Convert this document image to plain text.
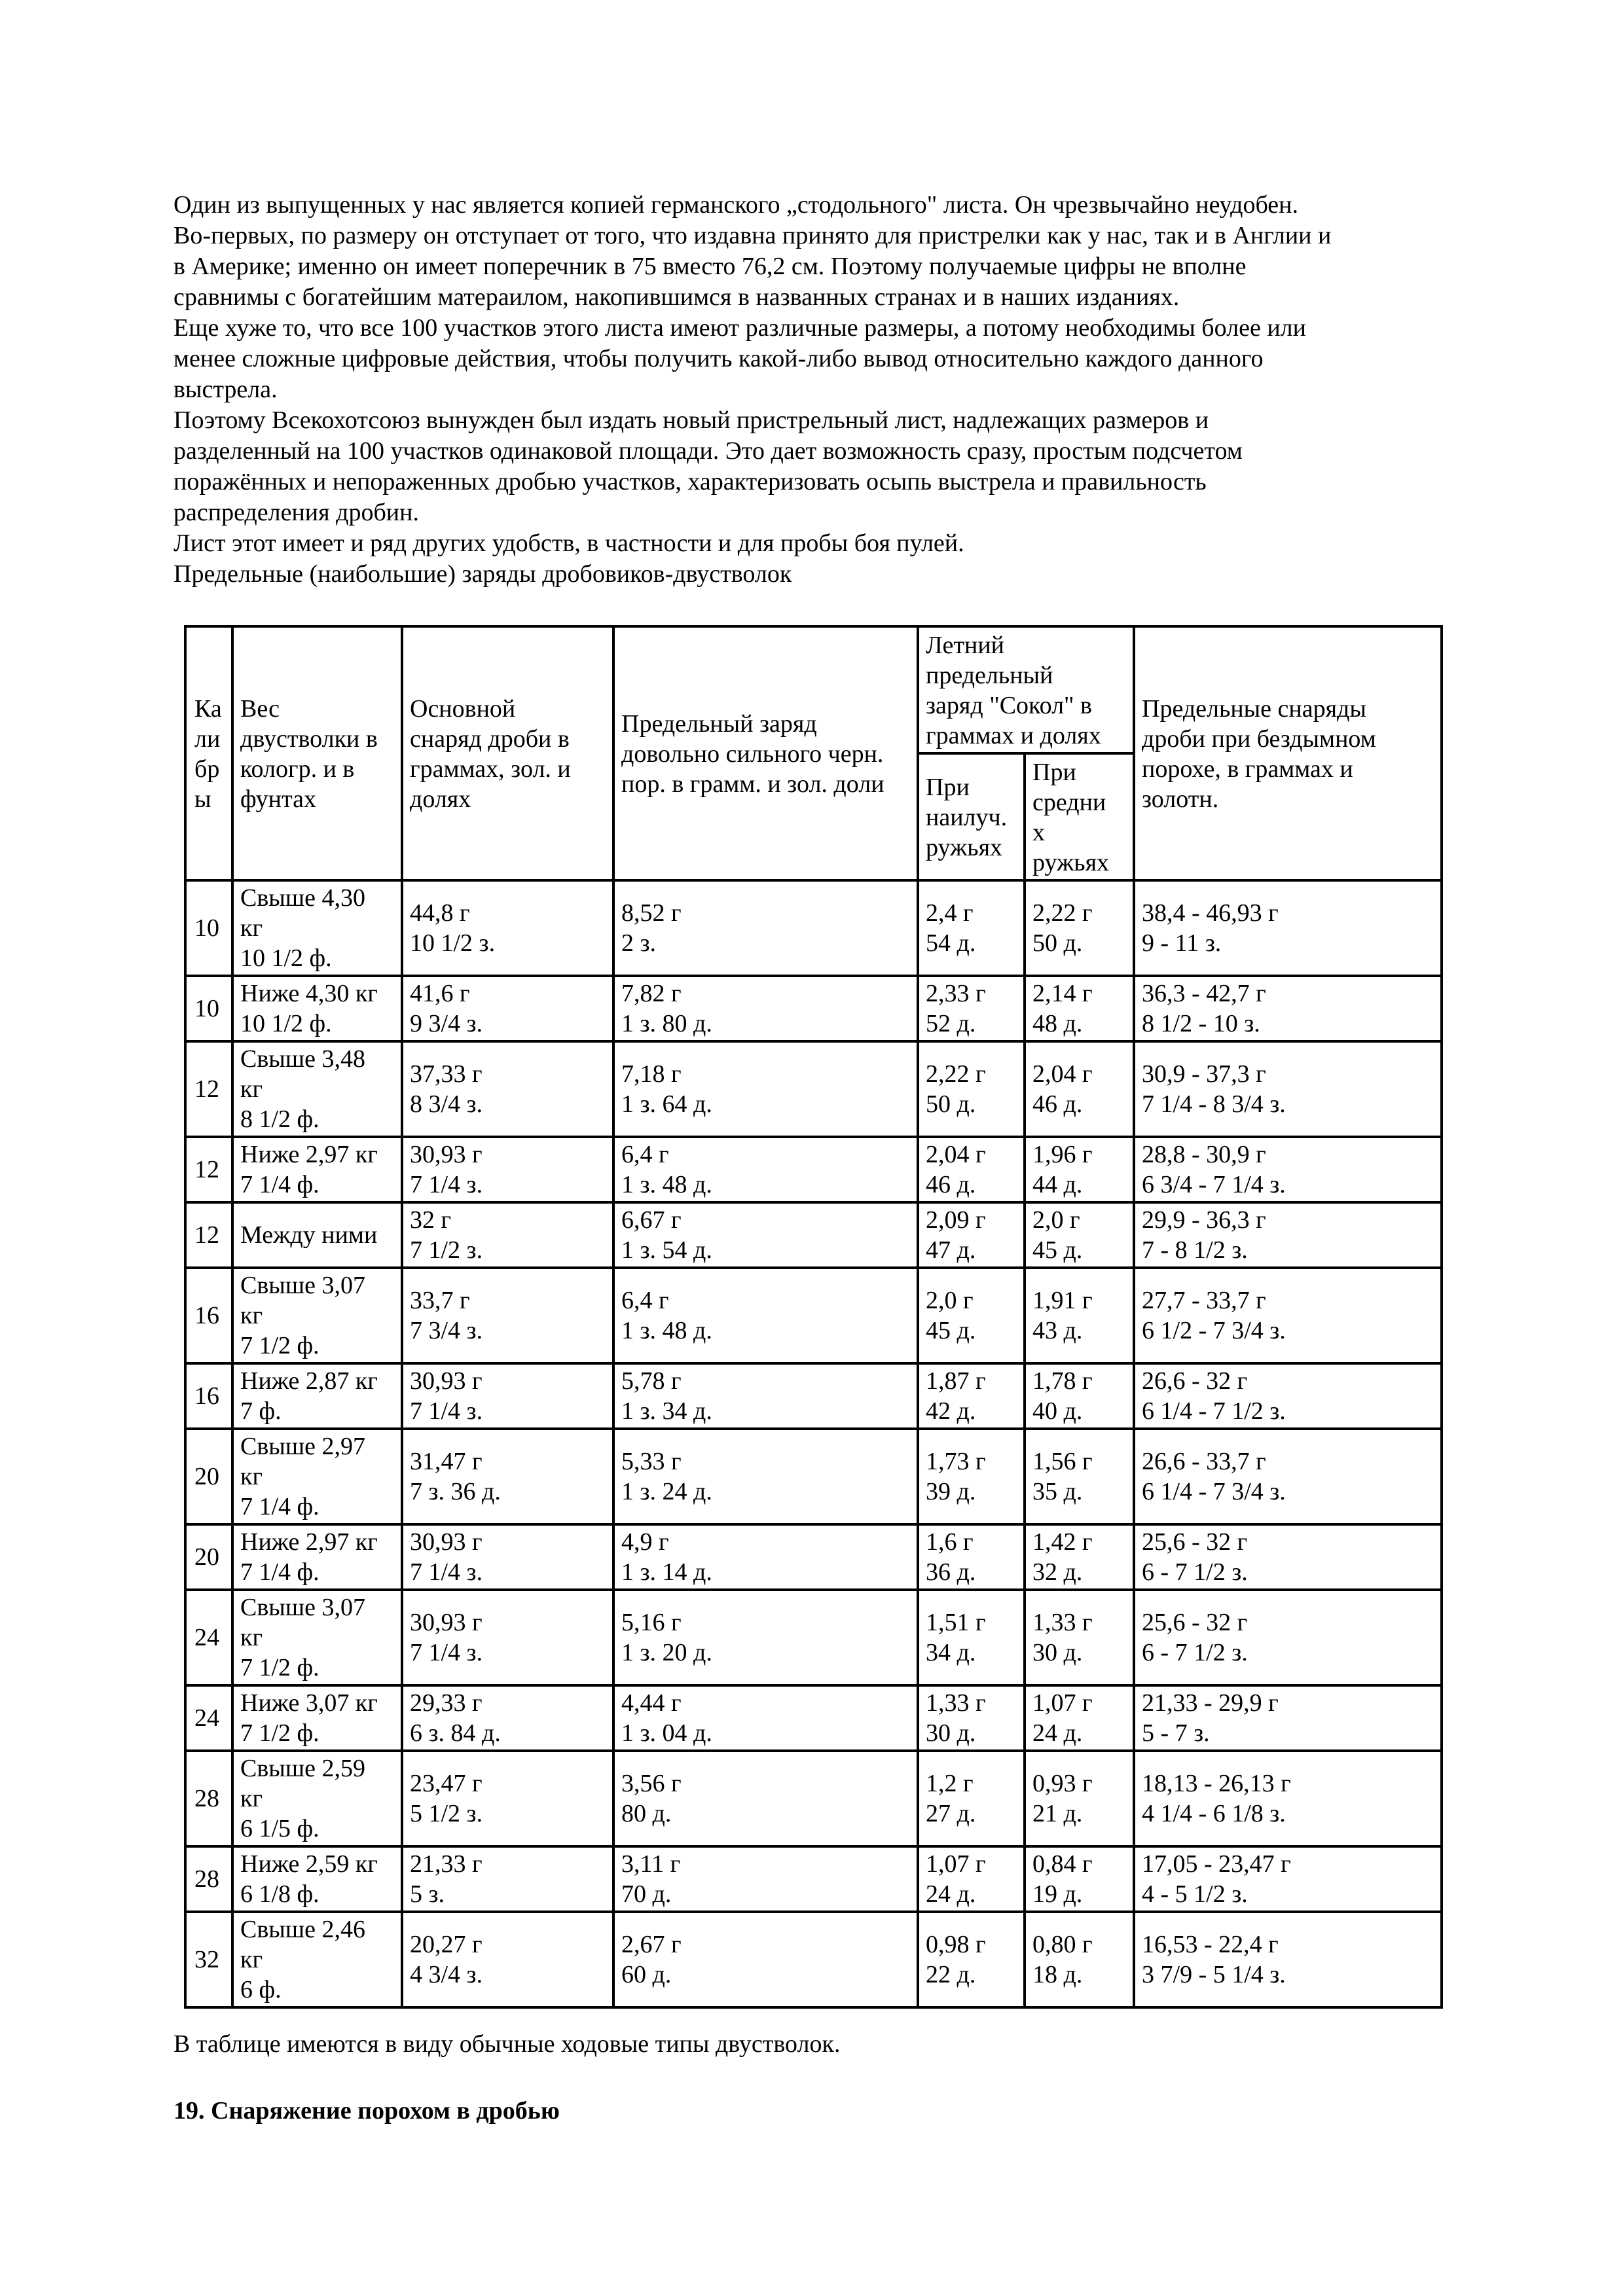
Один из выпущенных у нас является копией германского „стодольного" листа. Он чрезвычайно неудобен.

Во-первых, по размеру он отступает от того, что издавна принято для пристрелки как у нас, так и в Англии и

в Америке; именно он имеет поперечник в 75 вместо 76,2 см. Поэтому получаемые цифры не вполне

сравнимы с богатейшим матераилом, накопившимся в названных странах и в наших изданиях.

Еще хуже то, что все 100 участков этого листа имеют различные размеры, а потому необходимы более или

менее сложные цифровые действия, чтобы получить какой-либо вывод относительно каждого данного

выстрела.

Поэтому Всекохотсоюз вынужден был издать новый пристрельный лист, надлежащих размеров и

разделенный на 100 участков одинаковой площади. Это дает возможность сразу, простым подсчетом

поражённых и непораженных дробью участков, характеризовать осыпь выстрела и правильность

распределения дробин.

Лист этот имеет и ряд других удобств, в частности и для пробы боя пулей.

Предельные (наибольшие) заряды дробовиков-двустволок

Ка
ли
бр
ы	Вес
двустволки в
кологр. и в
фунтах	Основной
снаряд дроби в
граммах, зол. и
долях	Предельный заряд
довольно сильного черн.
пор. в грамм. и зол. доли	Летний
предельный
заряд "Сокол" в
граммах и долях		Предельные снаряды
дроби при бездымном
порохе, в граммах и
золотн.

				При
наилуч.
ружьях	При
средни
х
ружьях	

10	Свыше 4,30
кг
10 1/2 ф.	44,8 г
10 1/2 з.	8,52 г
2 з.	2,4 г
54 д.	2,22 г
50 д.	38,4 - 46,93 г
9 - 11 з.

10	Ниже 4,30 кг
10 1/2 ф.	41,6 г
9 3/4 з.	7,82 г
1 з. 80 д.	2,33 г
52 д.	2,14 г
48 д.	36,3 - 42,7 г
8 1/2 - 10 з.

12	Свыше 3,48
кг
8 1/2 ф.	37,33 г
8 3/4 з.	7,18 г
1 з. 64 д.	2,22 г
50 д.	2,04 г
46 д.	30,9 - 37,3 г
7 1/4 - 8 3/4 з.

12	Ниже 2,97 кг
7 1/4 ф.	30,93 г
7 1/4 з.	6,4 г
1 з. 48 д.	2,04 г
46 д.	1,96 г
44 д.	28,8 - 30,9 г
6 3/4 - 7 1/4 з.

12	Между ними	32 г
7 1/2 з.	6,67 г
1 з. 54 д.	2,09 г
47 д.	2,0 г
45 д.	29,9 - 36,3 г
7 - 8 1/2 з.

16	Свыше 3,07
кг
7 1/2 ф.	33,7 г
7 3/4 з.	6,4 г
1 з. 48 д.	2,0 г
45 д.	1,91 г
43 д.	27,7 - 33,7 г
6 1/2 - 7 3/4 з.

16	Ниже 2,87 кг
7 ф.	30,93 г
7 1/4 з.	5,78 г
1 з. 34 д.	1,87 г
42 д.	1,78 г
40 д.	26,6 - 32 г
6 1/4 - 7 1/2 з.

20	Свыше 2,97
кг
7 1/4 ф.	31,47 г
7 з. 36 д.	5,33 г
1 з. 24 д.	1,73 г
39 д.	1,56 г
35 д.	26,6 - 33,7 г
6 1/4 - 7 3/4 з.

20	Ниже 2,97 кг
7 1/4 ф.	30,93 г
7 1/4 з.	4,9 г
1 з. 14 д.	1,6 г
36 д.	1,42 г
32 д.	25,6 - 32 г
6 - 7 1/2 з.

24	Свыше 3,07
кг
7 1/2 ф.	30,93 г
7 1/4 з.	5,16 г
1 з. 20 д.	1,51 г
34 д.	1,33 г
30 д.	25,6 - 32 г
6 - 7 1/2 з.

24	Ниже 3,07 кг
7 1/2 ф.	29,33 г
6 з. 84 д.	4,44 г
1 з. 04 д.	1,33 г
30 д.	1,07 г
24 д.	21,33 - 29,9 г
5 - 7 з.

28	Свыше 2,59
кг
6 1/5 ф.	23,47 г
5 1/2 з.	3,56 г
80 д.	1,2 г
27 д.	0,93 г
21 д.	18,13 - 26,13 г
4 1/4 - 6 1/8 з.

28	Ниже 2,59 кг
6 1/8 ф.	21,33 г
5 з.	3,11 г
70 д.	1,07 г
24 д.	0,84 г
19 д.	17,05 - 23,47 г
4 - 5 1/2 з.

32	Свыше 2,46
кг
6 ф.	20,27 г
4 3/4 з.	2,67 г
60 д.	0,98 г
22 д.	0,80 г
18 д.	16,53 - 22,4 г
3 7/9 - 5 1/4 з.

В таблице имеются в виду обычные ходовые типы двустволок.

19. Снаряжение порохом в дробью
